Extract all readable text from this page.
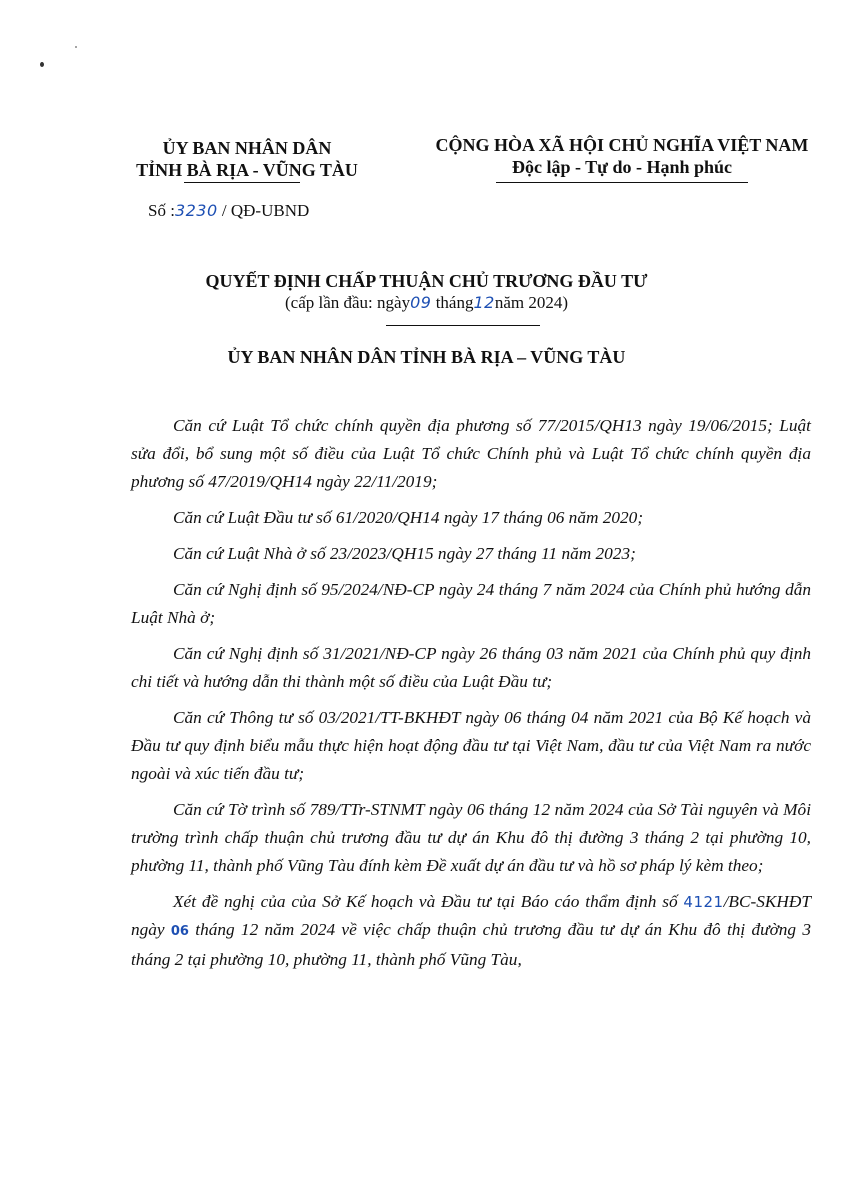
ỦY BAN NHÂN DÂN
TỈNH BÀ RỊA - VŨNG TÀU
CỘNG HÒA XÃ HỘI CHỦ NGHĨA VIỆT NAM
Độc lập - Tự do - Hạnh phúc
Số :3230 / QĐ-UBND
QUYẾT ĐỊNH CHẤP THUẬN CHỦ TRƯƠNG ĐẦU TƯ
(cấp lần đầu: ngày09 tháng12năm 2024)
ỦY BAN NHÂN DÂN TỈNH BÀ RỊA – VŨNG TÀU

Căn cứ Luật Tổ chức chính quyền địa phương số 77/2015/QH13 ngày 19/06/2015; Luật sửa đổi, bổ sung một số điều của Luật Tổ chức Chính phủ và Luật Tổ chức chính quyền địa phương số 47/2019/QH14 ngày 22/11/2019;

Căn cứ Luật Đầu tư số 61/2020/QH14 ngày 17 tháng 06 năm 2020;

Căn cứ Luật Nhà ở số 23/2023/QH15 ngày 27 tháng 11 năm 2023;

Căn cứ Nghị định số 95/2024/NĐ-CP ngày 24 tháng 7 năm 2024 của Chính phủ hướng dẫn Luật Nhà ở;

Căn cứ Nghị định số 31/2021/NĐ-CP ngày 26 tháng 03 năm 2021 của Chính phủ quy định chi tiết và hướng dẫn thi thành một số điều của Luật Đầu tư;

Căn cứ Thông tư số 03/2021/TT-BKHĐT ngày 06 tháng 04 năm 2021 của Bộ Kế hoạch và Đầu tư quy định biểu mẫu thực hiện hoạt động đầu tư tại Việt Nam, đầu tư của Việt Nam ra nước ngoài và xúc tiến đầu tư;

Căn cứ Tờ trình số 789/TTr-STNMT ngày 06 tháng 12 năm 2024 của Sở Tài nguyên và Môi trường trình chấp thuận chủ trương đầu tư dự án Khu đô thị đường 3 tháng 2 tại phường 10, phường 11, thành phố Vũng Tàu đính kèm Đề xuất dự án đầu tư và hồ sơ pháp lý kèm theo;

Xét đề nghị của của Sở Kế hoạch và Đầu tư tại Báo cáo thẩm định số 4121/BC-SKHĐT ngày 06 tháng 12 năm 2024 về việc chấp thuận chủ trương đầu tư dự án Khu đô thị đường 3 tháng 2 tại phường 10, phường 11, thành phố Vũng Tàu,
